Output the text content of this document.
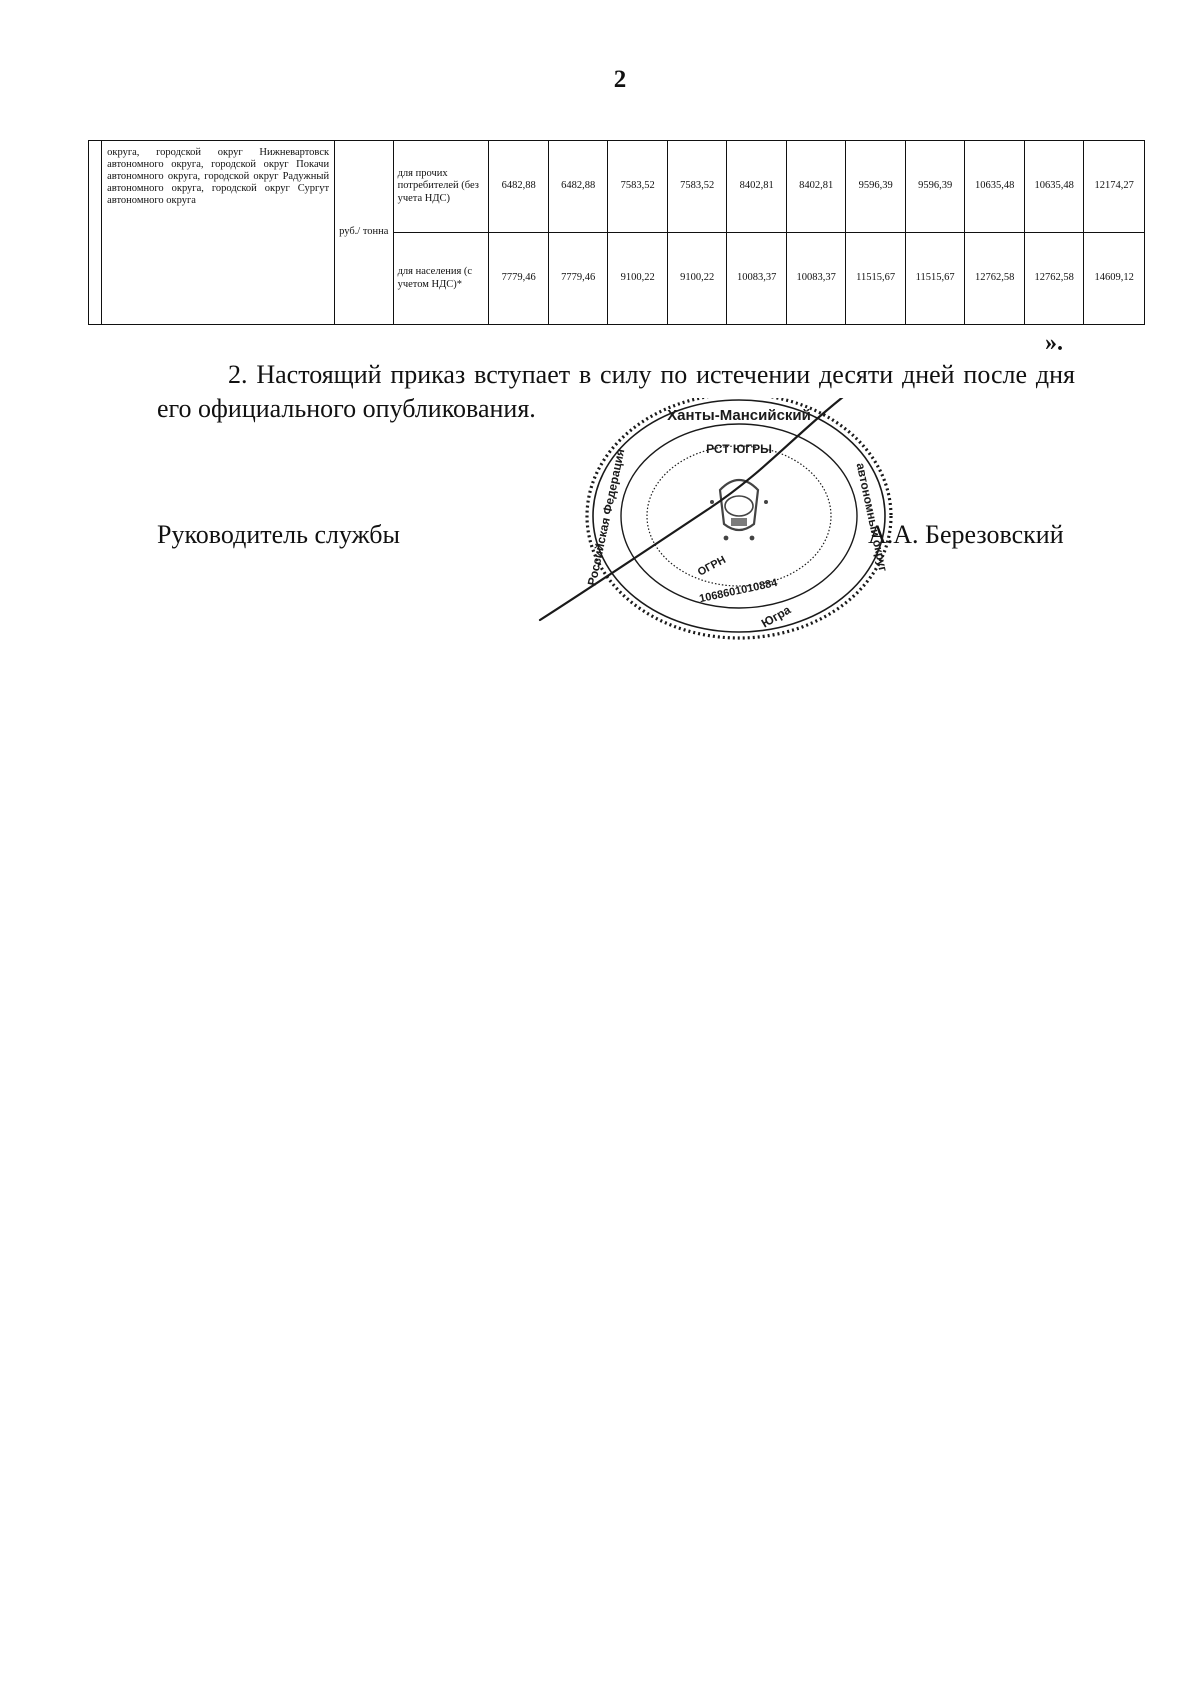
2
	округа, городской округ Нижневартовск автономного округа, городской округ Покачи автономного округа, городской округ Радужный автономного округа, городской округ Сургут автономного округа	руб./ тонна	для прочих потребителей (без учета НДС)	6482,88	6482,88	7583,52	7583,52	8402,81	8402,81	9596,39	9596,39	10635,48	10635,48	12174,27
			для населения (с учетом НДС)*	7779,46	7779,46	9100,22	9100,22	10083,37	10083,37	11515,67	11515,67	12762,58	12762,58	14609,12
».

2. Настоящий приказ вступает в силу по истечении десяти дней после дня его официального опубликования.

Руководитель службы	А.А. Березовский
Ханты-Мансийский
РСТ ЮГРЫ
Российская Федерация	автономный округ
ОГРН
1068601010884
Югра
